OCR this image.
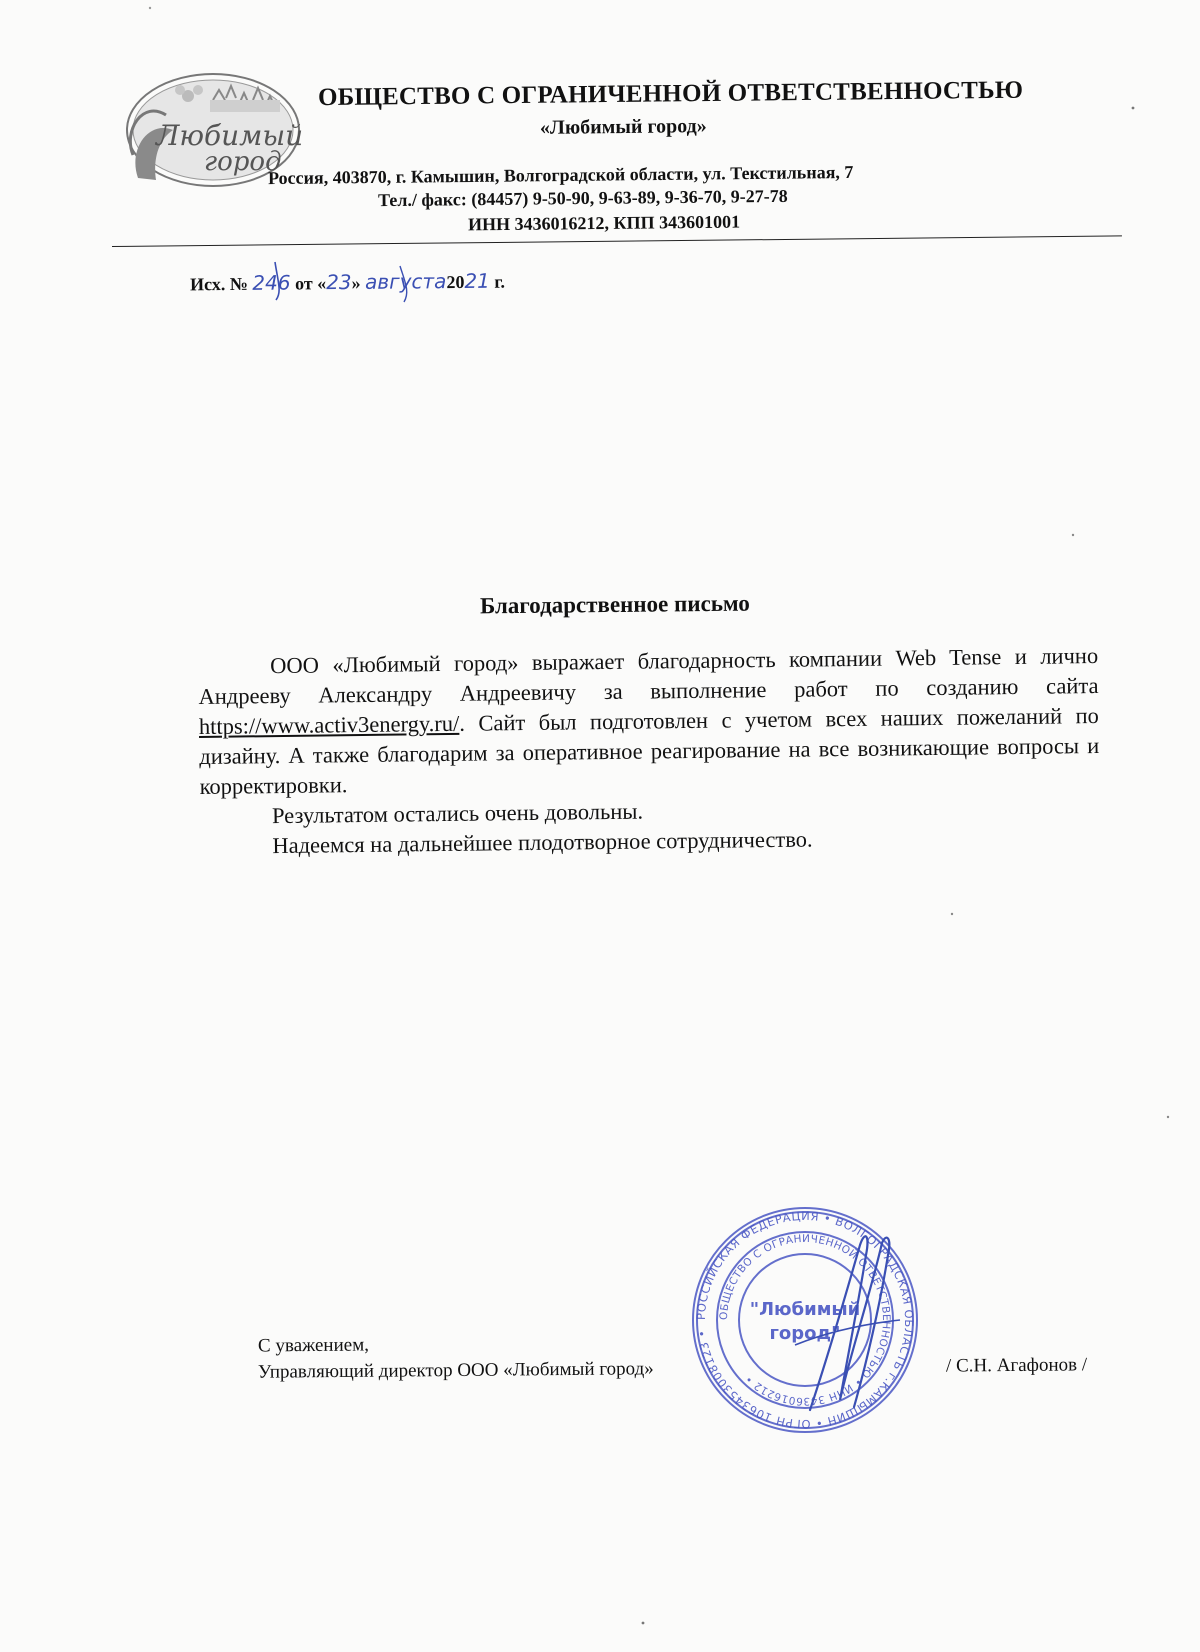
Любимый
город
ОБЩЕСТВО С ОГРАНИЧЕННОЙ ОТВЕТСТВЕННОСТЬЮ
«Любимый город»
Россия, 403870, г. Камышин, Волгоградской области, ул. Текстильная, 7
Тел./ факс: (84457) 9-50-90, 9-63-89, 9-36-70, 9-27-78
ИНН 3436016212, КПП 343601001
Исх. № 246 от «23» августа2021 г.
Благодарственное письмо

ООО «Любимый город» выражает благодарность компании Web Tense и лично Андрееву Александру Андреевичу за выполнение работ по созданию сайта https://www.activ3energy.ru/. Сайт был подготовлен с учетом всех наших пожеланий по дизайну. А также благодарим за оперативное реагирование на все возникающие вопросы и корректировки.

Результатом остались очень довольны.

Надеемся на дальнейшее плодотворное сотрудничество.

С уважением,
Управляющий директор ООО «Любимый город»	/ С.Н. Агафонов /
РОССИЙСКАЯ ФЕДЕРАЦИЯ • ВОЛГОГРАДСКАЯ ОБЛАСТЬ г.КАМЫШИН • ОГРН 1063453008123 •
ОБЩЕСТВО С ОГРАНИЧЕННОЙ ОТВЕТСТВЕННОСТЬЮ • ИНН 3436016212 •
"Любимый
город"
